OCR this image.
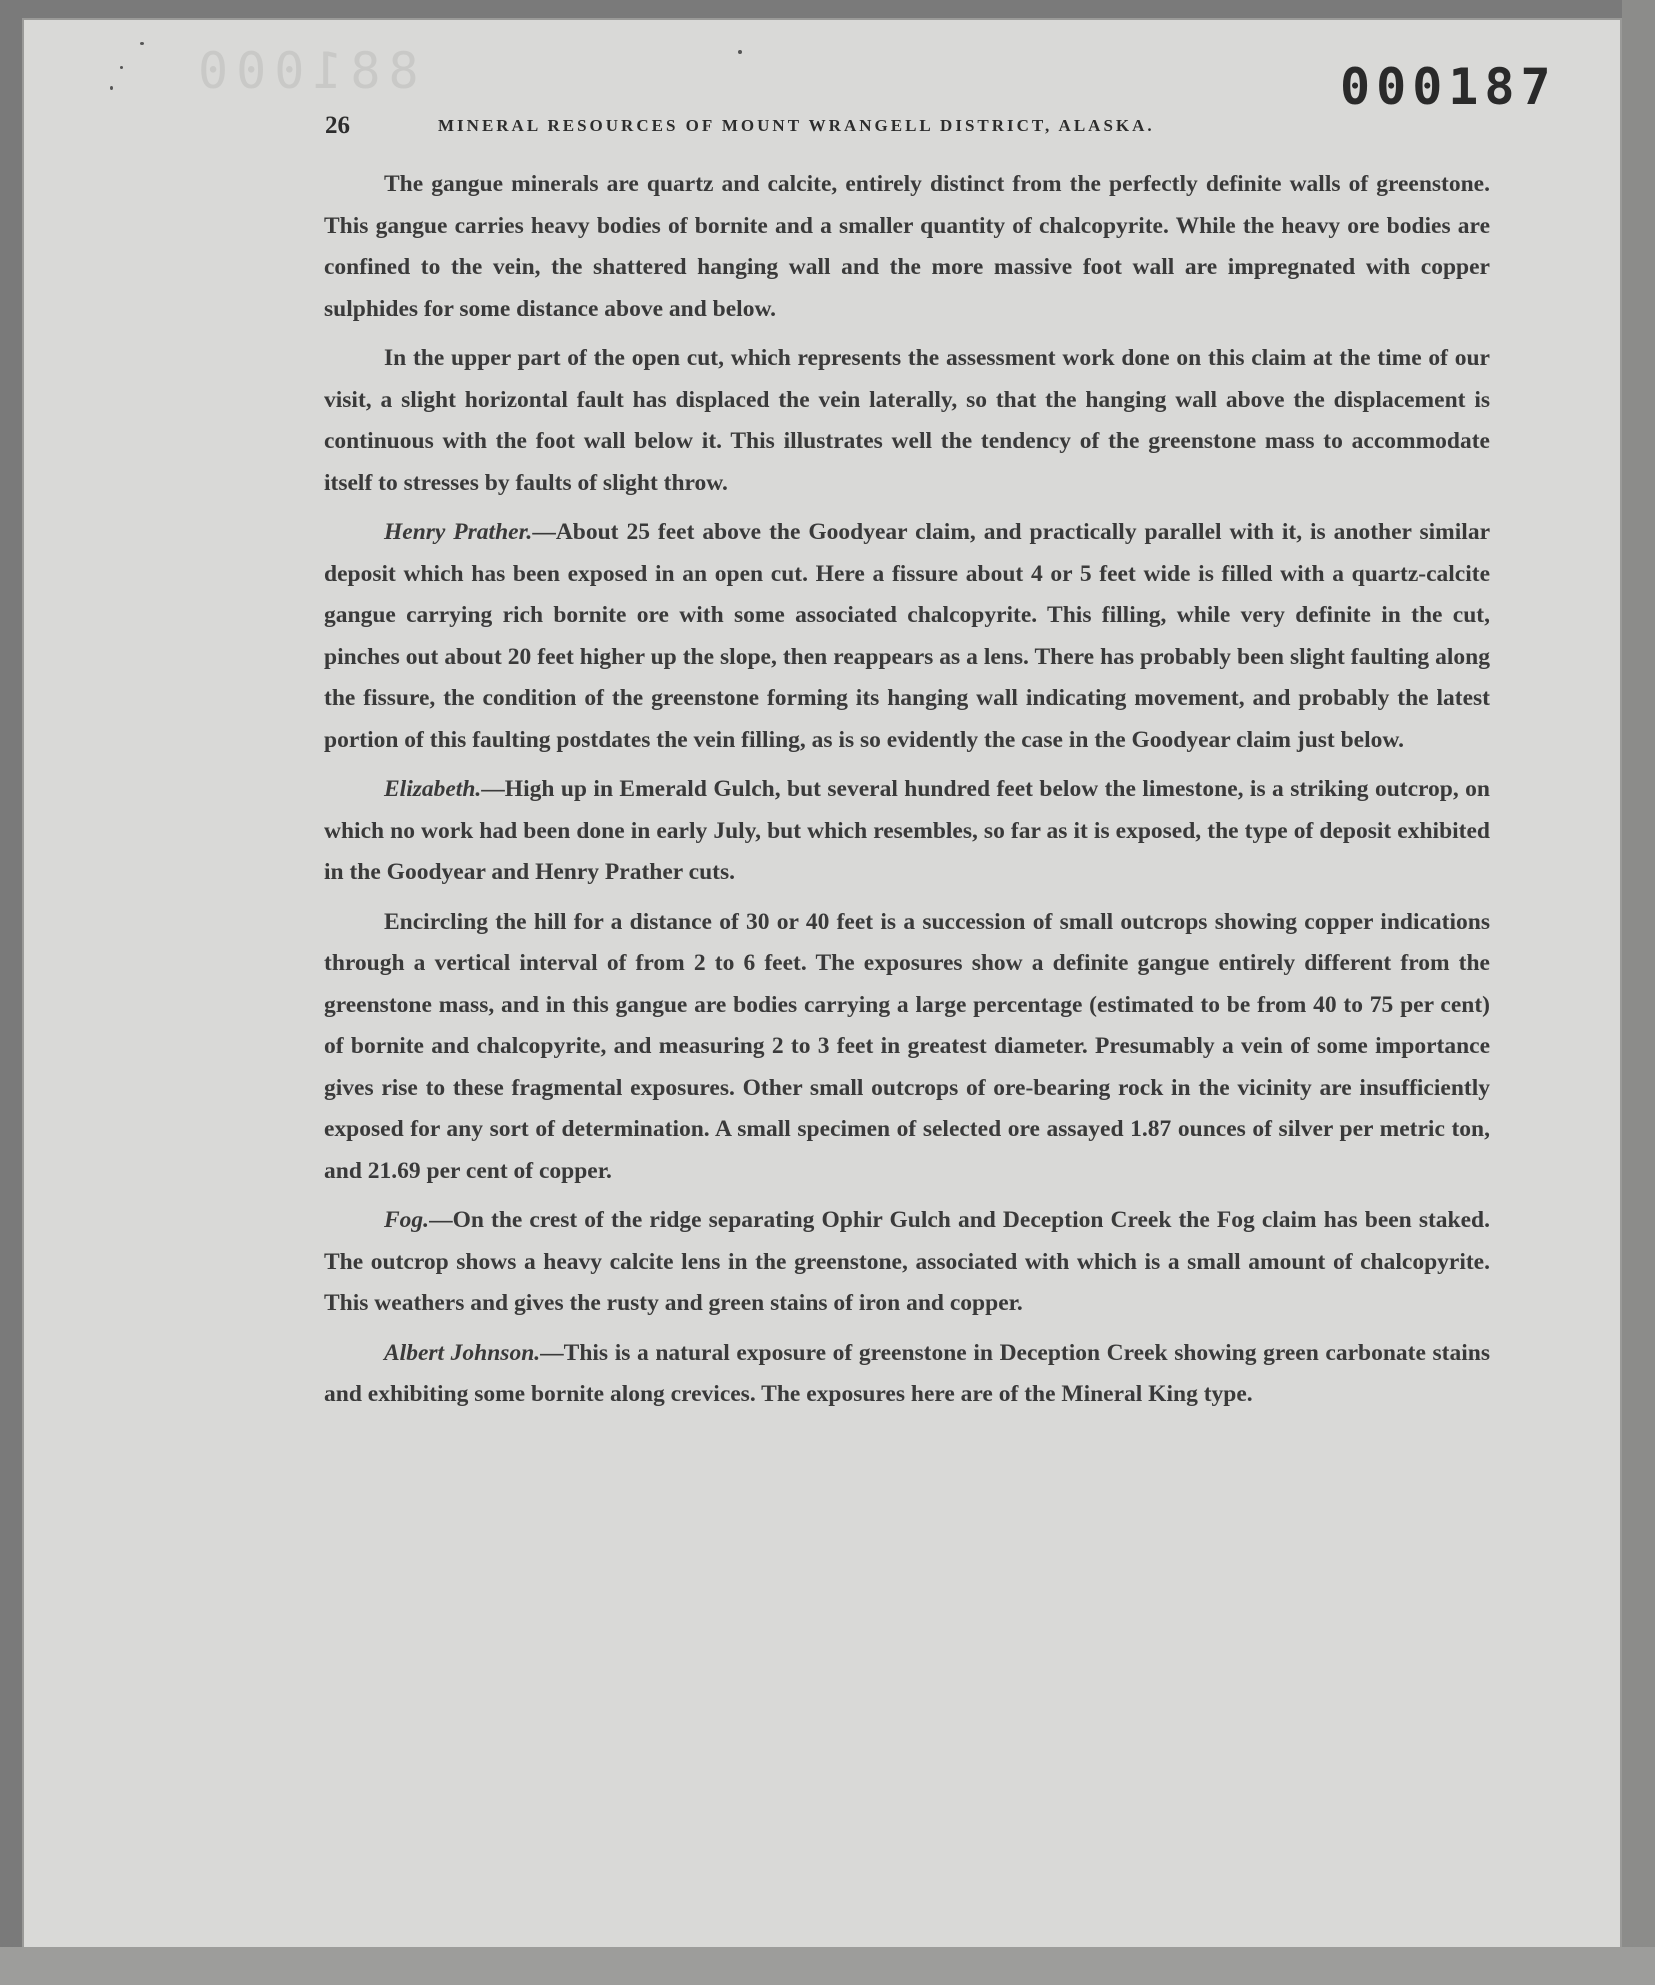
881000	000187
26	MINERAL RESOURCES OF MOUNT WRANGELL DISTRICT, ALASKA.

The gangue minerals are quartz and calcite, entirely distinct from the perfectly definite walls of greenstone. This gangue carries heavy bodies of bornite and a smaller quantity of chalcopyrite. While the heavy ore bodies are confined to the vein, the shattered hanging wall and the more massive foot wall are impregnated with copper sulphides for some distance above and below.

In the upper part of the open cut, which represents the assessment work done on this claim at the time of our visit, a slight horizontal fault has displaced the vein laterally, so that the hanging wall above the displacement is continuous with the foot wall below it. This illustrates well the tendency of the greenstone mass to accommodate itself to stresses by faults of slight throw.

Henry Prather.—About 25 feet above the Goodyear claim, and practically parallel with it, is another similar deposit which has been exposed in an open cut. Here a fissure about 4 or 5 feet wide is filled with a quartz-calcite gangue carrying rich bornite ore with some associated chalcopyrite. This filling, while very definite in the cut, pinches out about 20 feet higher up the slope, then reappears as a lens. There has probably been slight faulting along the fissure, the condition of the greenstone forming its hanging wall indicating movement, and probably the latest portion of this faulting postdates the vein filling, as is so evidently the case in the Goodyear claim just below.

Elizabeth.—High up in Emerald Gulch, but several hundred feet below the limestone, is a striking outcrop, on which no work had been done in early July, but which resembles, so far as it is exposed, the type of deposit exhibited in the Goodyear and Henry Prather cuts.

Encircling the hill for a distance of 30 or 40 feet is a succession of small outcrops showing copper indications through a vertical interval of from 2 to 6 feet. The exposures show a definite gangue entirely different from the greenstone mass, and in this gangue are bodies carrying a large percentage (estimated to be from 40 to 75 per cent) of bornite and chalcopyrite, and measuring 2 to 3 feet in greatest diameter. Presumably a vein of some importance gives rise to these fragmental exposures. Other small outcrops of ore-bearing rock in the vicinity are insufficiently exposed for any sort of determination. A small specimen of selected ore assayed 1.87 ounces of silver per metric ton, and 21.69 per cent of copper.

Fog.—On the crest of the ridge separating Ophir Gulch and Deception Creek the Fog claim has been staked. The outcrop shows a heavy calcite lens in the greenstone, associated with which is a small amount of chalcopyrite. This weathers and gives the rusty and green stains of iron and copper.

Albert Johnson.—This is a natural exposure of greenstone in Deception Creek showing green carbonate stains and exhibiting some bornite along crevices. The exposures here are of the Mineral King type.
